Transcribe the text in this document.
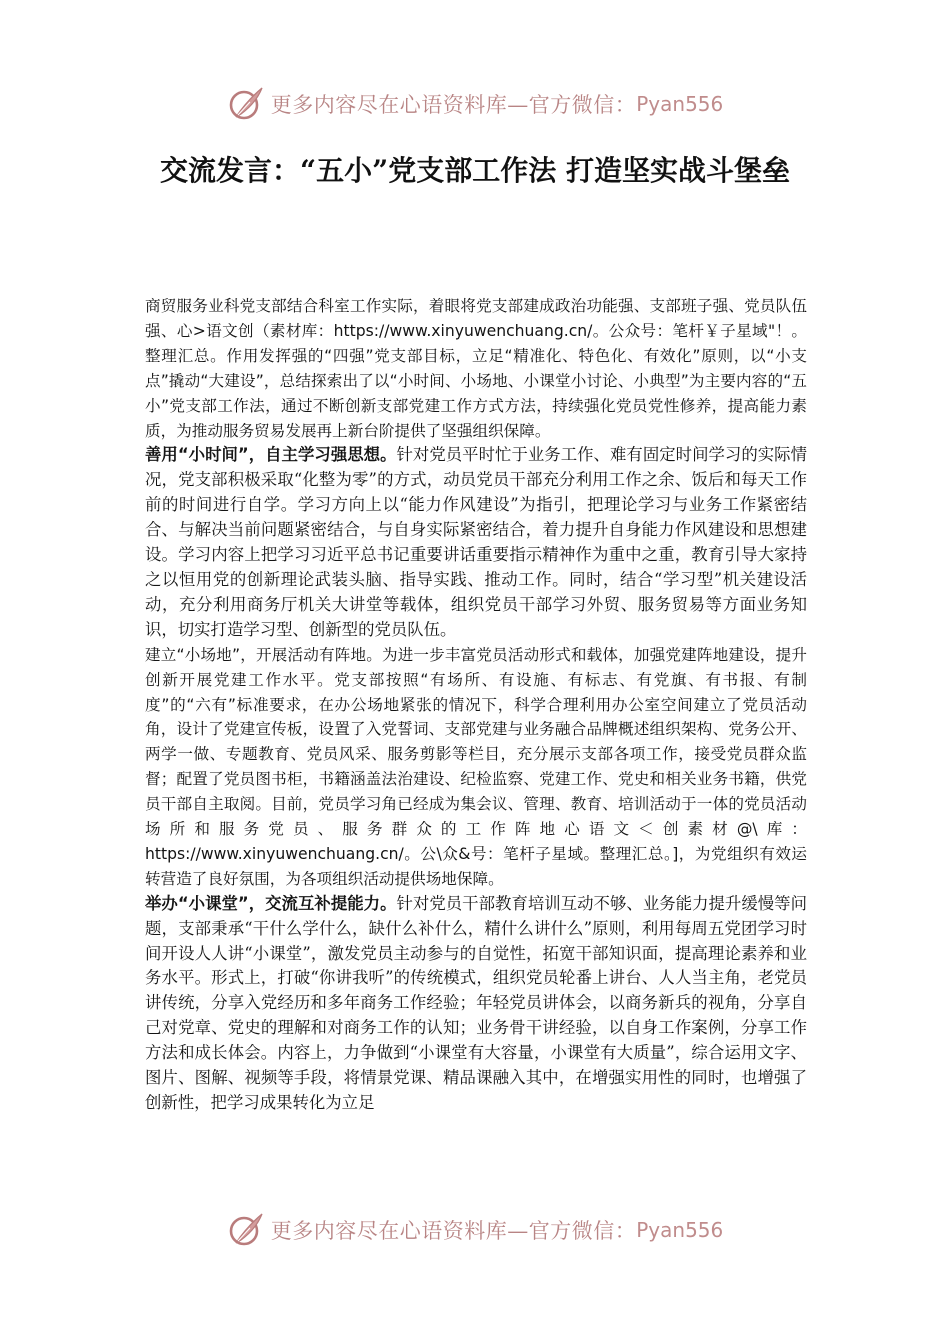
更多内容尽在心语资料库—官方微信： Pyan556
交流发言：“五小”党支部工作法 打造坚实战斗堡垒

商贸服务业科党支部结合科室工作实际，着眼将党支部建成政治功能强、支部班子强、党员队伍强、心>语文创（素材库：https://www.xinyuwenchuang.cn/。公众号：笔杆￥子星域"！。整理汇总。作用发挥强的“四强”党支部目标，立足“精准化、特色化、有效化”原则，以“小支点”撬动“大建设”，总结探索出了以“小时间、小场地、小课堂小讨论、小典型”为主要内容的“五小”党支部工作法，通过不断创新支部党建工作方式方法，持续强化党员党性修养，提高能力素质，为推动服务贸易发展再上新台阶提供了坚强组织保障。

善用“小时间”，自主学习强思想。针对党员平时忙于业务工作、难有固定时间学习的实际情况，党支部积极采取“化整为零”的方式，动员党员干部充分利用工作之余、饭后和每天工作前的时间进行自学。学习方向上以“能力作风建设”为指引，把理论学习与业务工作紧密结合、与解决当前问题紧密结合，与自身实际紧密结合，着力提升自身能力作风建设和思想建设。学习内容上把学习习近平总书记重要讲话重要指示精神作为重中之重，教育引导大家持之以恒用党的创新理论武装头脑、指导实践、推动工作。同时，结合“学习型”机关建设活动，充分利用商务厅机关大讲堂等载体，组织党员干部学习外贸、服务贸易等方面业务知识，切实打造学习型、创新型的党员队伍。

建立“小场地”，开展活动有阵地。为进一步丰富党员活动形式和载体，加强党建阵地建设，提升创新开展党建工作水平。党支部按照“有场所、有设施、有标志、有党旗、有书报、有制度”的“六有”标准要求，在办公场地紧张的情况下，科学合理利用办公室空间建立了党员活动角，设计了党建宣传板，设置了入党誓词、支部党建与业务融合品牌概述组织架构、党务公开、两学一做、专题教育、党员风采、服务剪影等栏目，充分展示支部各项工作，接受党员群众监督；配置了党员图书柜，书籍涵盖法治建设、纪检监察、党建工作、党史和相关业务书籍，供党员干部自主取阅。目前，党员学习角已经成为集会议、管理、教育、培训活动于一体的党员活动场所和服务党员、服务群众的工作阵地心语文＜创素材@\库：https://www.xinyuwenchuang.cn/。公\众&号：笔杆子星域。整理汇总。]，为党组织有效运转营造了良好氛围，为各项组织活动提供场地保障。

举办“小课堂”，交流互补提能力。针对党员干部教育培训互动不够、业务能力提升缓慢等问题，支部秉承“干什么学什么，缺什么补什么，精什么讲什么”原则，利用每周五党团学习时间开设人人讲“小课堂”，激发党员主动参与的自觉性，拓宽干部知识面，提高理论素养和业务水平。形式上，打破“你讲我听”的传统模式，组织党员轮番上讲台、人人当主角，老党员讲传统，分享入党经历和多年商务工作经验；年轻党员讲体会，以商务新兵的视角，分享自己对党章、党史的理解和对商务工作的认知；业务骨干讲经验，以自身工作案例，分享工作方法和成长体会。内容上，力争做到“小课堂有大容量，小课堂有大质量”，综合运用文字、图片、图解、视频等手段，将情景党课、精品课融入其中，在增强实用性的同时，也增强了创新性，把学习成果转化为立足

更多内容尽在心语资料库—官方微信： Pyan556
